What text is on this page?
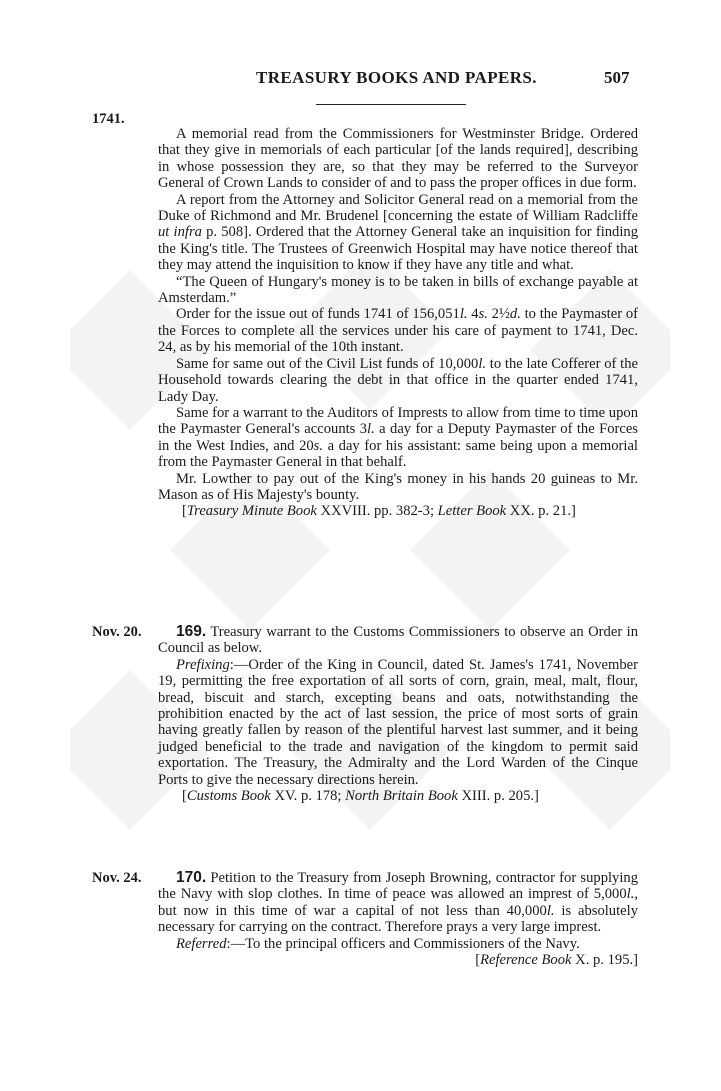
TREASURY BOOKS AND PAPERS.	507
1741.
Nov. 20.
Nov. 24.

A memorial read from the Commissioners for Westminster Bridge. Ordered that they give in memorials of each particular [of the lands required], describing in whose possession they are, so that they may be referred to the Surveyor General of Crown Lands to consider of and to pass the proper offices in due form.

A report from the Attorney and Solicitor General read on a memorial from the Duke of Richmond and Mr. Brudenel [concerning the estate of William Radcliffe ut infra p. 508]. Ordered that the Attorney General take an inquisition for finding the King's title. The Trustees of Greenwich Hospital may have notice thereof that they may attend the inquisition to know if they have any title and what.

“The Queen of Hungary's money is to be taken in bills of exchange payable at Amsterdam.”

Order for the issue out of funds 1741 of 156,051l. 4s. 2½d. to the Paymaster of the Forces to complete all the services under his care of payment to 1741, Dec. 24, as by his memorial of the 10th instant.

Same for same out of the Civil List funds of 10,000l. to the late Cofferer of the Household towards clearing the debt in that office in the quarter ended 1741, Lady Day.

Same for a warrant to the Auditors of Imprests to allow from time to time upon the Paymaster General's accounts 3l. a day for a Deputy Paymaster of the Forces in the West Indies, and 20s. a day for his assistant: same being upon a memorial from the Paymaster General in that behalf.

Mr. Lowther to pay out of the King's money in his hands 20 guineas to Mr. Mason as of His Majesty's bounty.

[Treasury Minute Book XXVIII. pp. 382-3; Letter Book XX. p. 21.]

169. Treasury warrant to the Customs Commissioners to observe an Order in Council as below.

Prefixing:—Order of the King in Council, dated St. James's 1741, November 19, permitting the free exportation of all sorts of corn, grain, meal, malt, flour, bread, biscuit and starch, excepting beans and oats, notwithstanding the prohibition enacted by the act of last session, the price of most sorts of grain having greatly fallen by reason of the plentiful harvest last summer, and it being judged beneficial to the trade and navigation of the kingdom to permit said exportation. The Treasury, the Admiralty and the Lord Warden of the Cinque Ports to give the necessary directions herein.

[Customs Book XV. p. 178; North Britain Book XIII. p. 205.]

170. Petition to the Treasury from Joseph Browning, contractor for supplying the Navy with slop clothes. In time of peace was allowed an imprest of 5,000l., but now in this time of war a capital of not less than 40,000l. is absolutely necessary for carrying on the contract. Therefore prays a very large imprest.

Referred:—To the principal officers and Commissioners of the Navy.

[Reference Book X. p. 195.]
